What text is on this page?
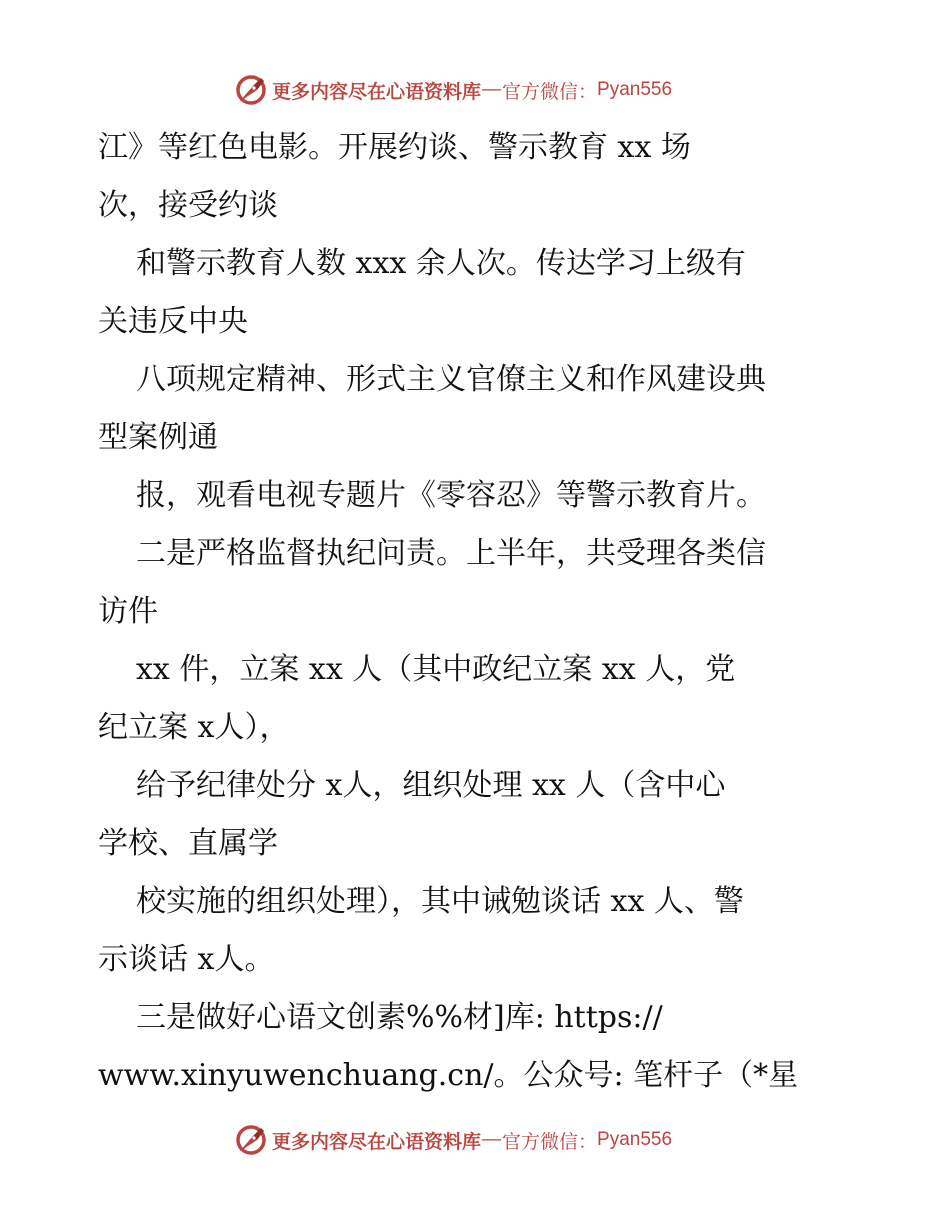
更多内容尽在心语资料库 — 官方微信： Pyan556
江》等红色电影。开展约谈、警示教育 xx 场
次，接受约谈
和警示教育人数 xxx 余人次。传达学习上级有
关违反中央
八项规定精神、形式主义官僚主义和作风建设典
型案例通
报，观看电视专题片《零容忍》等警示教育片。
二是严格监督执纪问责。上半年，共受理各类信
访件
xx 件，立案 xx 人（其中政纪立案 xx 人，党
纪立案 x人），
给予纪律处分 x人，组织处理 xx 人（含中心
学校、直属学
校实施的组织处理），其中诫勉谈话 xx 人、警
示谈话 x人。
三是做好心语文创素%%材]库: https://
www.xinyuwenchuang.cn/。公众号: 笔杆子（*星
更多内容尽在心语资料库 — 官方微信： Pyan556
